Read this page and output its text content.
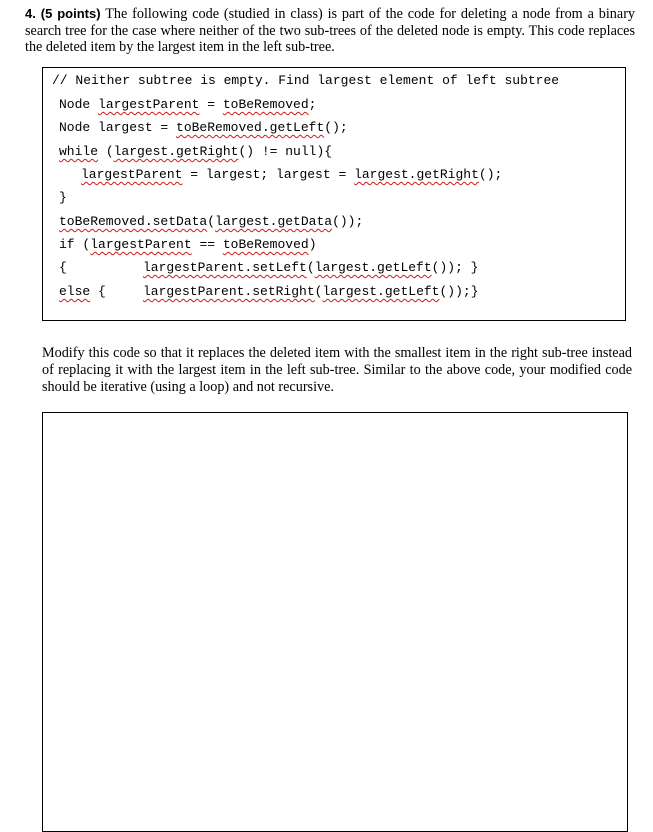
4. (5 points) The following code (studied in class) is part of the code for deleting a node from a binary search tree for the case where neither of the two sub-trees of the deleted node is empty. This code replaces the deleted item by the largest item in the left sub-tree.
// Neither subtree is empty. Find largest element of left subtree
Node largestParent = toBeRemoved;
Node largest = toBeRemoved.getLeft();
while (largest.getRight() != null){
largestParent = largest; largest = largest.getRight();
}
toBeRemoved.setData(largest.getData());
if (largestParent == toBeRemoved)
{	largestParent.setLeft(largest.getLeft()); }
else {	largestParent.setRight(largest.getLeft());}
Modify this code so that it replaces the deleted item with the smallest item in the right sub-tree instead of replacing it with the largest item in the left sub-tree. Similar to the above code, your modified code should be iterative (using a loop) and not recursive.
